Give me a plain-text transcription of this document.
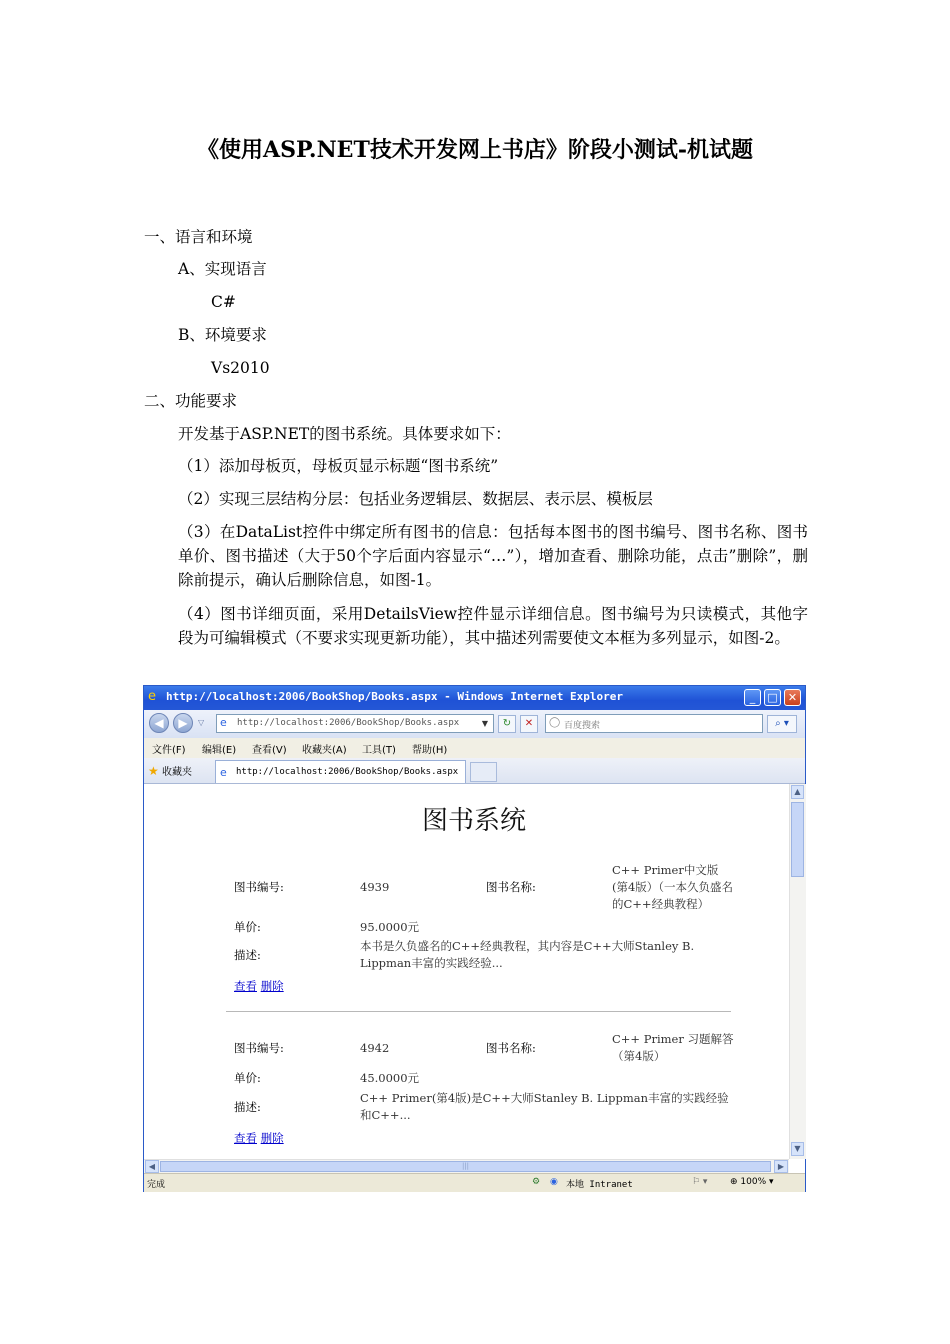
《使用ASP.NET技术开发网上书店》阶段小测试-机试题
一、语言和环境
A、实现语言
C#
B、环境要求
Vs2010
二、功能要求
开发基于ASP.NET的图书系统。具体要求如下：
（1）添加母板页，母板页显示标题“图书系统”
（2）实现三层结构分层：包括业务逻辑层、数据层、表示层、模板层
（3）在DataList控件中绑定所有图书的信息：包括每本图书的图书编号、图书名称、图书单价、图书描述（大于50个字后面内容显示“…”），增加查看、删除功能，点击”删除”，删除前提示，确认后删除信息，如图-1。
（4）图书详细页面，采用DetailsView控件显示详细信息。图书编号为只读模式，其他字段为可编辑模式（不要求实现更新功能），其中描述列需要使文本框为多列显示，如图-2。
e http://localhost:2006/BookShop/Books.aspx - Windows Internet Explorer	_	□ ✕
◀	▶	▽ e	http://localhost:2006/BookShop/Books.aspx	▼	↻	✕	◯ 百度搜索	⌕ ▾
文件(F) 编辑(E) 查看(V) 收藏夹(A) 工具(T) 帮助(H)
★ 收藏夹	e http://localhost:2006/BookShop/Books.aspx
图书系统
图书编号:	4939	图书名称:
C++ Primer中文版(第4版）（一本久负盛名的C++经典教程）
单价:	95.0000元
描述:
本书是久负盛名的C++经典教程，其内容是C++大师Stanley B. Lippman丰富的实践经验...
查看 删除
图书编号:	4942	图书名称:
C++ Primer 习题解答（第4版）
单价:	45.0000元
描述:
C++ Primer(第4版)是C++大师Stanley B. Lippman丰富的实践经验和C++...
查看 删除
▲
▼
◀	|||	▶
完成	⚙ ◉ 本地 Intranet	⚐ ▾	⊕ 100% ▾
